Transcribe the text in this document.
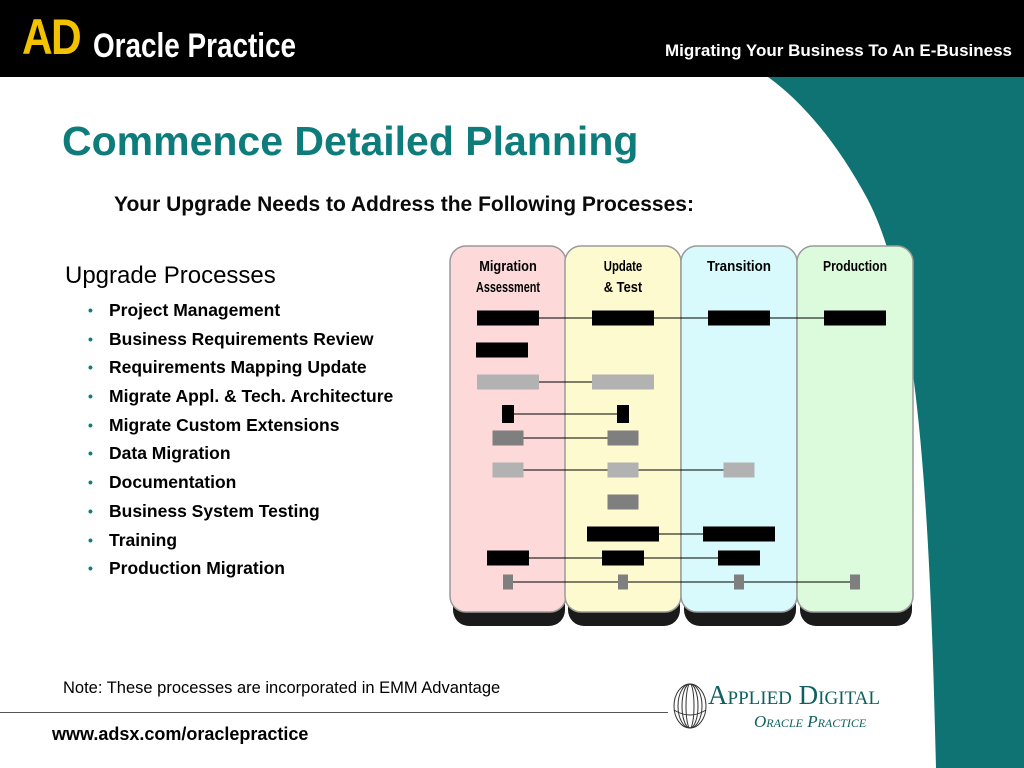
AD Oracle Practice	Migrating Your Business To An E-Business
Commence Detailed Planning
Your Upgrade Needs to Address the Following Processes:
Upgrade Processes
• Project Management
• Business Requirements Review
• Requirements Mapping Update
• Migrate Appl. & Tech. Architecture
• Migrate Custom Extensions
• Data Migration
• Documentation
• Business System Testing
• Training
• Production Migration
Migration
Assessment
Update
& Test
Transition	Production
Note: These processes are incorporated in EMM Advantage
www.adsx.com/oraclepractice
Applied Digital
Oracle Practice
